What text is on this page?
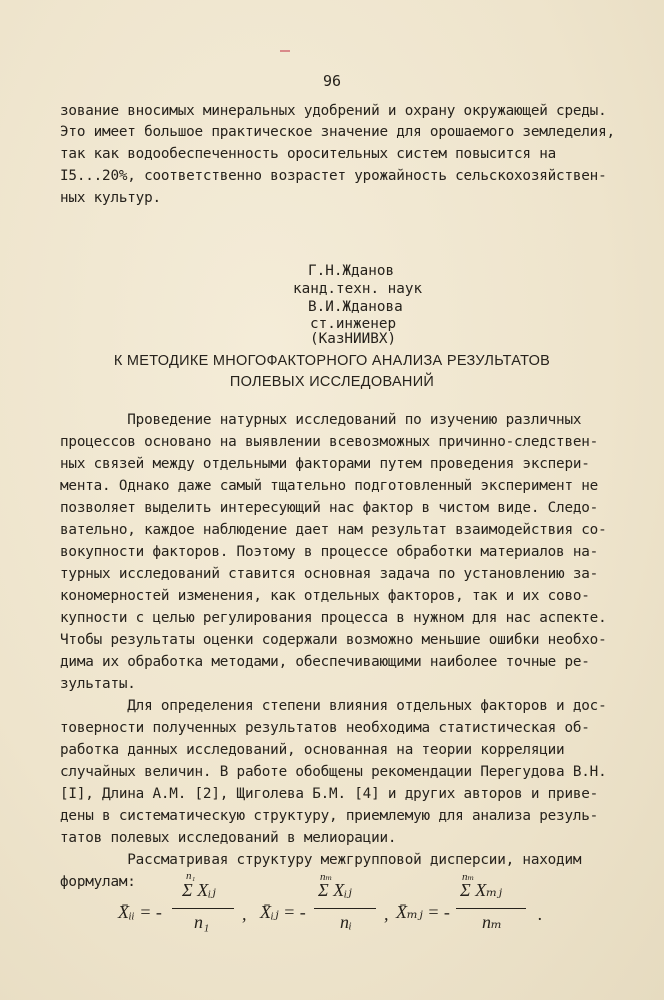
96
зование вносимых минеральных удобрений и охрану окружающей среды.
Это имеет большое практическое значение для орошаемого земледелия,
так как водообеспеченность оросительных систем повысится на
I5...20%, соответственно возрастет урожайность сельскохозяйствен-
ных культур.
Г.Н.Жданов
канд.техн. наук
В.И.Жданова
ст.инженер
(КазНИИВХ)
К МЕТОДИКЕ МНОГОФАКТОРНОГО АНАЛИЗА РЕЗУЛЬТАТОВ
ПОЛЕВЫХ ИССЛЕДОВАНИЙ
Проведение натурных исследований по изучению различных
процессов основано на выявлении всевозможных причинно-следствен-
ных связей между отдельными факторами путем проведения экспери-
мента. Однако даже самый тщательно подготовленный эксперимент не
позволяет выделить интересующий нас фактор в чистом виде. Следо-
вательно, каждое наблюдение дает нам результат взаимодействия со-
вокупности факторов. Поэтому в процессе обработки материалов на-
турных исследований ставится основная задача по установлению за-
кономерностей изменения, как отдельных факторов, так и их сово-
купности с целью регулирования процесса в нужном для нас аспекте.
Чтобы результаты оценки содержали возможно меньшие ошибки необхо-
дима их обработка методами, обеспечивающими наиболее точные ре-
зультаты.
Для определения степени влияния отдельных факторов и дос-
товерности полученных результатов необходима статистическая об-
работка данных исследований, основанная на теории корреляции
случайных величин. В работе обобщены рекомендации Перегудова В.Н.
[I], Длина А.М. [2], Щиголева Б.М. [4] и других авторов и приве-
дены в систематическую структуру, приемлемую для анализа резуль-
татов полевых исследований в мелиорации.
Рассматривая структуру межгрупповой дисперсии, находим
формулам:
X̄ᵢᵢ = -
Σ Xᵢⱼ
n₁
n₁ , X̄ᵢⱼ = -
Σ Xᵢⱼ
nₘ
nᵢ , X̄ₘⱼ = -
Σ Xₘⱼ
nₘ
nₘ .
